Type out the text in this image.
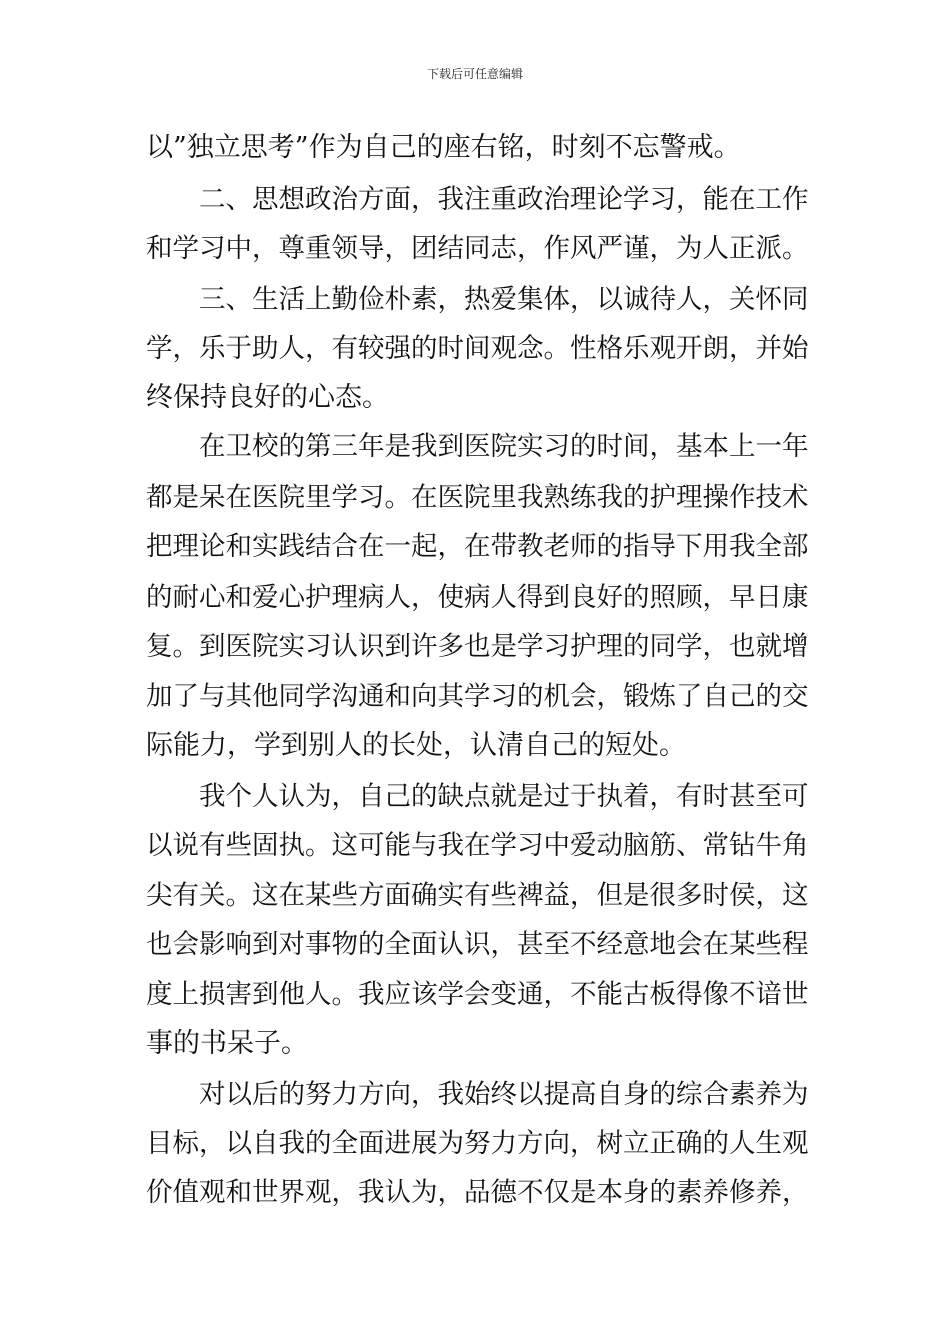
下载后可任意编辑
以”独立思考”作为自己的座右铭，时刻不忘警戒。
二、思想政治方面，我注重政治理论学习，能在工作
和学习中，尊重领导，团结同志，作风严谨，为人正派。
三、生活上勤俭朴素，热爱集体，以诚待人，关怀同
学，乐于助人，有较强的时间观念。性格乐观开朗，并始
终保持良好的心态。
在卫校的第三年是我到医院实习的时间，基本上一年
都是呆在医院里学习。在医院里我熟练我的护理操作技术
把理论和实践结合在一起，在带教老师的指导下用我全部
的耐心和爱心护理病人，使病人得到良好的照顾，早日康
复。到医院实习认识到许多也是学习护理的同学，也就增
加了与其他同学沟通和向其学习的机会，锻炼了自己的交
际能力，学到别人的长处，认清自己的短处。
我个人认为，自己的缺点就是过于执着，有时甚至可
以说有些固执。这可能与我在学习中爱动脑筋、常钻牛角
尖有关。这在某些方面确实有些裨益，但是很多时侯，这
也会影响到对事物的全面认识，甚至不经意地会在某些程
度上损害到他人。我应该学会变通，不能古板得像不谙世
事的书呆子。
对以后的努力方向，我始终以提高自身的综合素养为
目标，以自我的全面进展为努力方向，树立正确的人生观
价值观和世界观，我认为，品德不仅是本身的素养修养，
